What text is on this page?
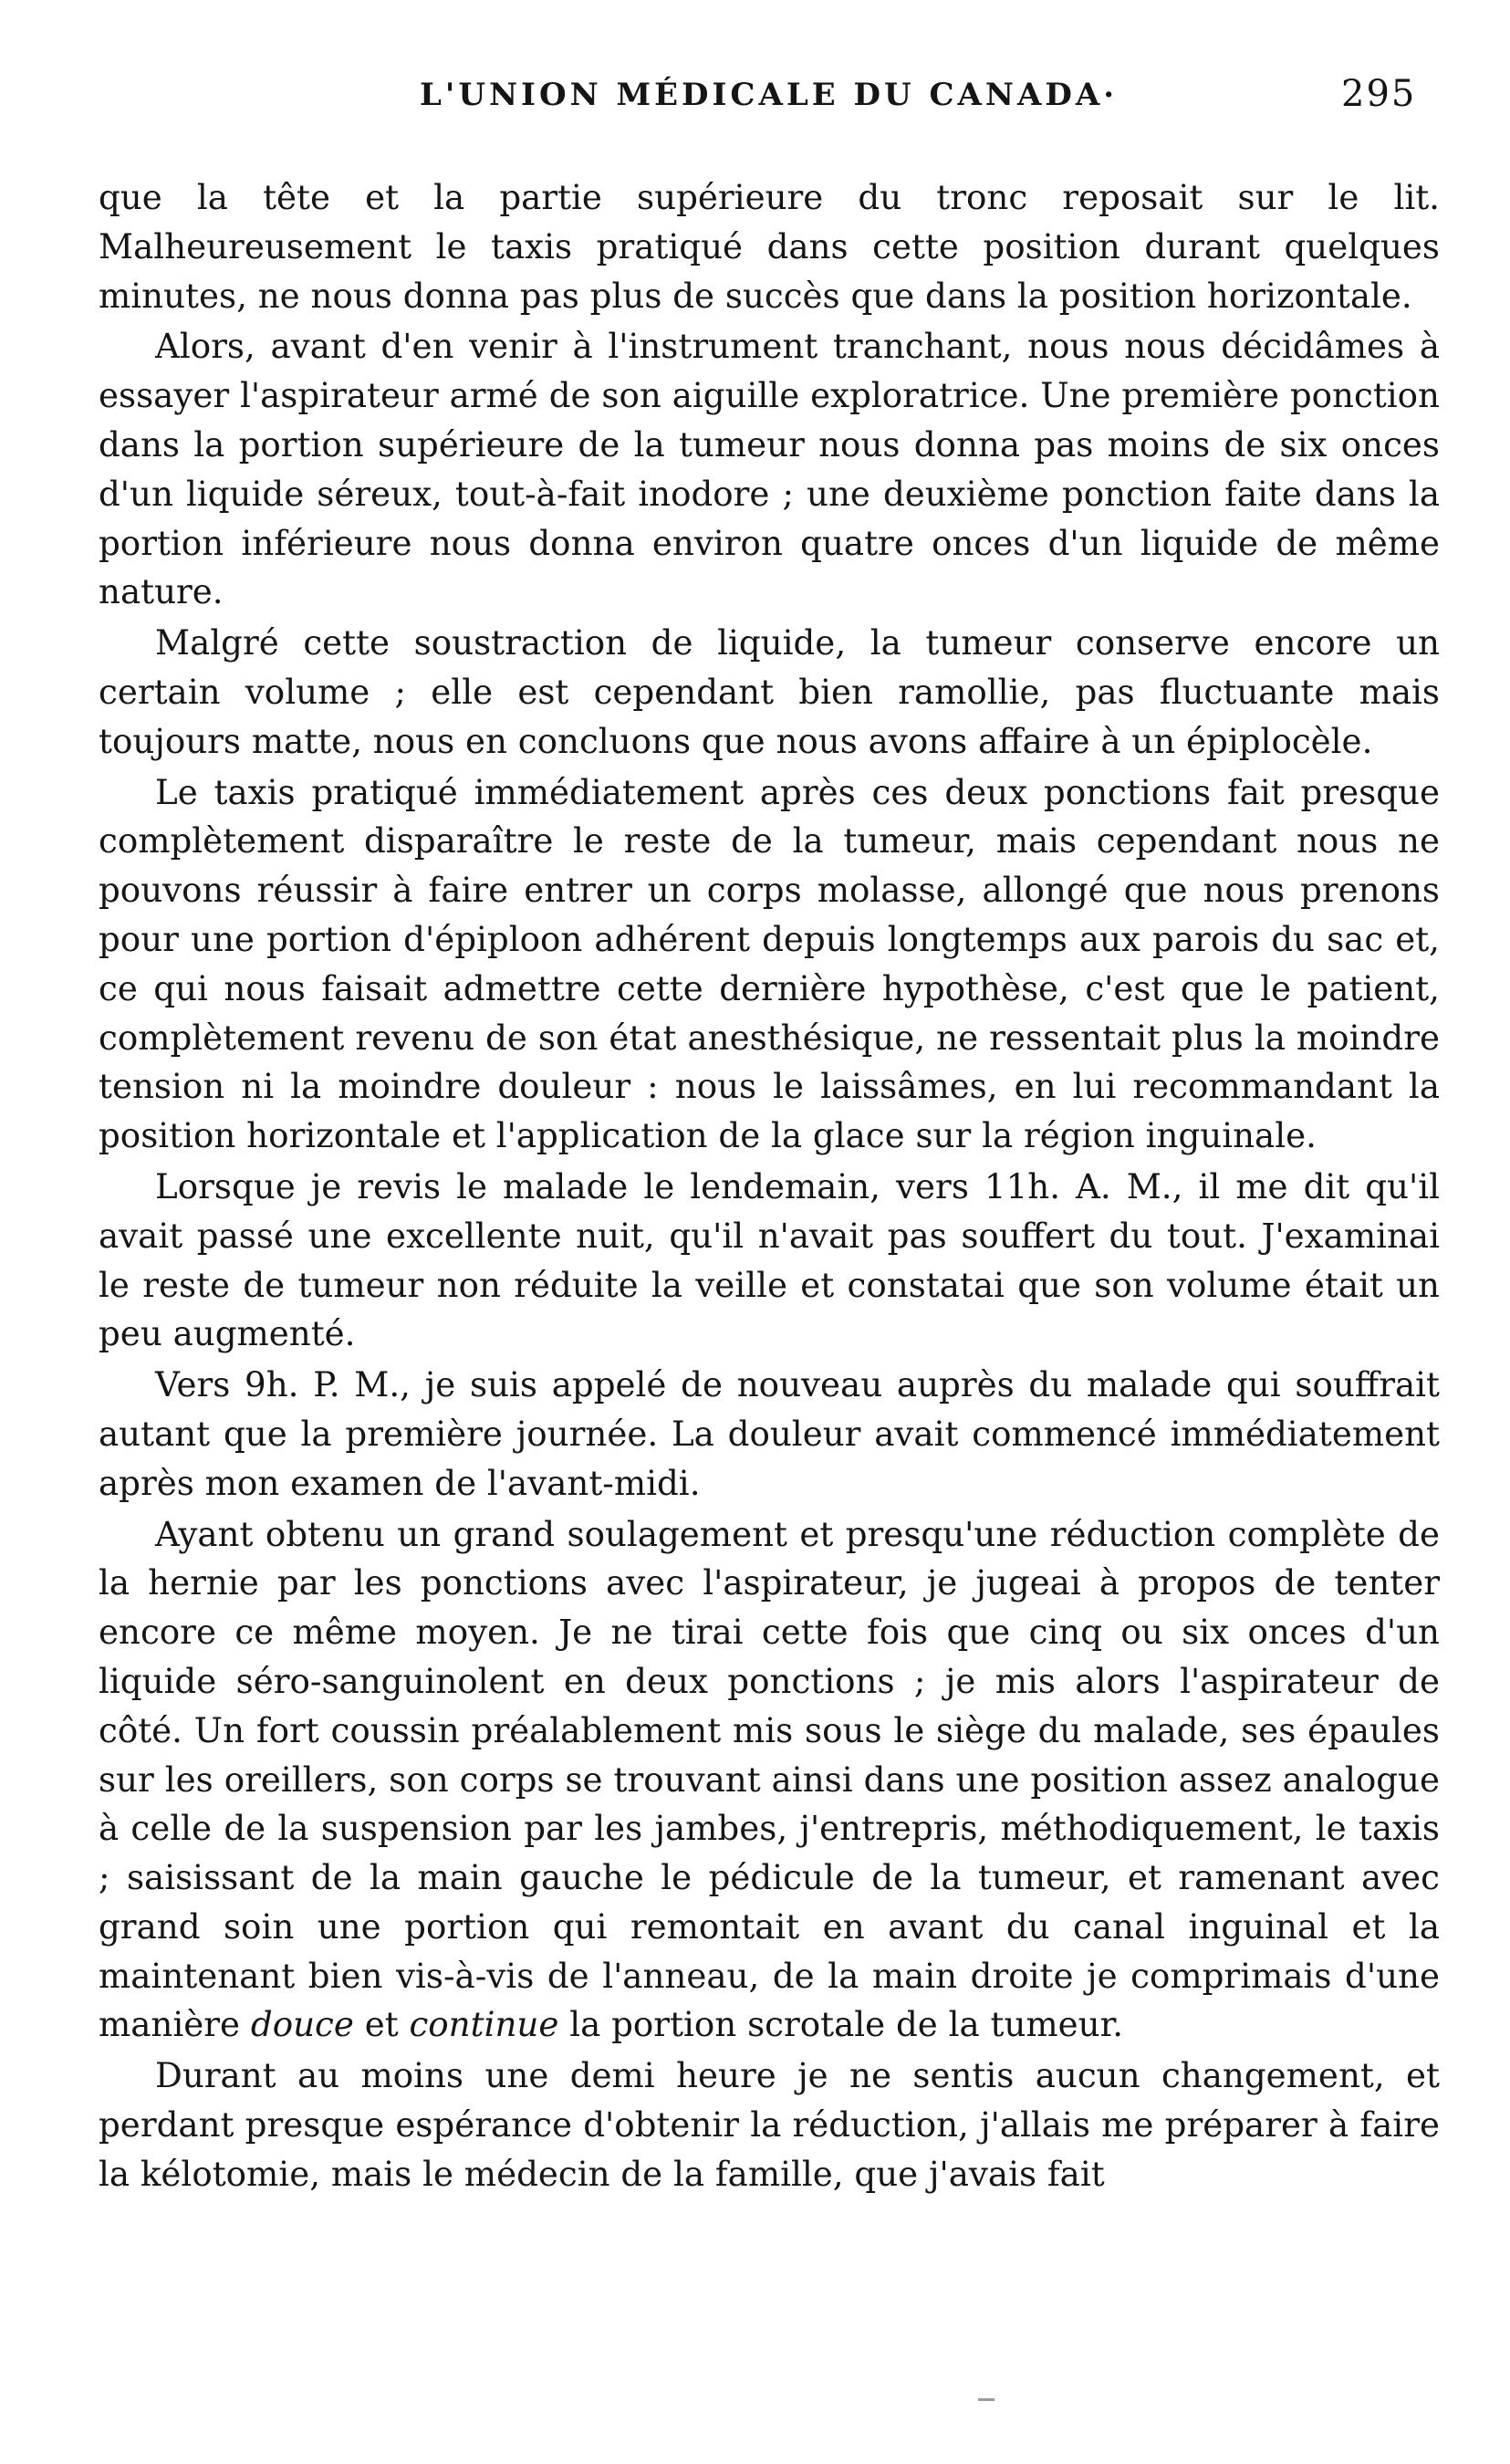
L'UNION MÉDICALE DU CANADA·	295

que la tête et la partie supérieure du tronc reposait sur le lit. Malheureusement le taxis pratiqué dans cette position durant quelques minutes, ne nous donna pas plus de succès que dans la position horizontale.

Alors, avant d'en venir à l'instrument tranchant, nous nous décidâmes à essayer l'aspirateur armé de son aiguille exploratrice. Une première ponction dans la portion supérieure de la tumeur nous donna pas moins de six onces d'un liquide séreux, tout-à-fait inodore ; une deuxième ponction faite dans la portion inférieure nous donna environ quatre onces d'un liquide de même nature.

Malgré cette soustraction de liquide, la tumeur conserve encore un certain volume ; elle est cependant bien ramollie, pas fluctuante mais toujours matte, nous en concluons que nous avons affaire à un épiplocèle.

Le taxis pratiqué immédiatement après ces deux ponctions fait presque complètement disparaître le reste de la tumeur, mais cependant nous ne pouvons réussir à faire entrer un corps molasse, allongé que nous prenons pour une portion d'épiploon adhérent depuis longtemps aux parois du sac et, ce qui nous faisait admettre cette dernière hypothèse, c'est que le patient, complètement revenu de son état anesthésique, ne ressentait plus la moindre tension ni la moindre douleur : nous le laissâmes, en lui recommandant la position horizontale et l'application de la glace sur la région inguinale.

Lorsque je revis le malade le lendemain, vers 11h. A. M., il me dit qu'il avait passé une excellente nuit, qu'il n'avait pas souffert du tout. J'examinai le reste de tumeur non réduite la veille et constatai que son volume était un peu augmenté.

Vers 9h. P. M., je suis appelé de nouveau auprès du malade qui souffrait autant que la première journée. La douleur avait commencé immédiatement après mon examen de l'avant-midi.

Ayant obtenu un grand soulagement et presqu'une réduction complète de la hernie par les ponctions avec l'aspirateur, je jugeai à propos de tenter encore ce même moyen. Je ne tirai cette fois que cinq ou six onces d'un liquide séro-sanguinolent en deux ponctions ; je mis alors l'aspirateur de côté. Un fort coussin préalablement mis sous le siège du malade, ses épaules sur les oreillers, son corps se trouvant ainsi dans une position assez analogue à celle de la suspension par les jambes, j'entrepris, méthodiquement, le taxis ; saisissant de la main gauche le pédicule de la tumeur, et ramenant avec grand soin une portion qui remontait en avant du canal inguinal et la maintenant bien vis-à-vis de l'anneau, de la main droite je comprimais d'une manière douce et continue la portion scrotale de la tumeur.

Durant au moins une demi heure je ne sentis aucun changement, et perdant presque espérance d'obtenir la réduction, j'allais me préparer à faire la kélotomie, mais le médecin de la famille, que j'avais fait
